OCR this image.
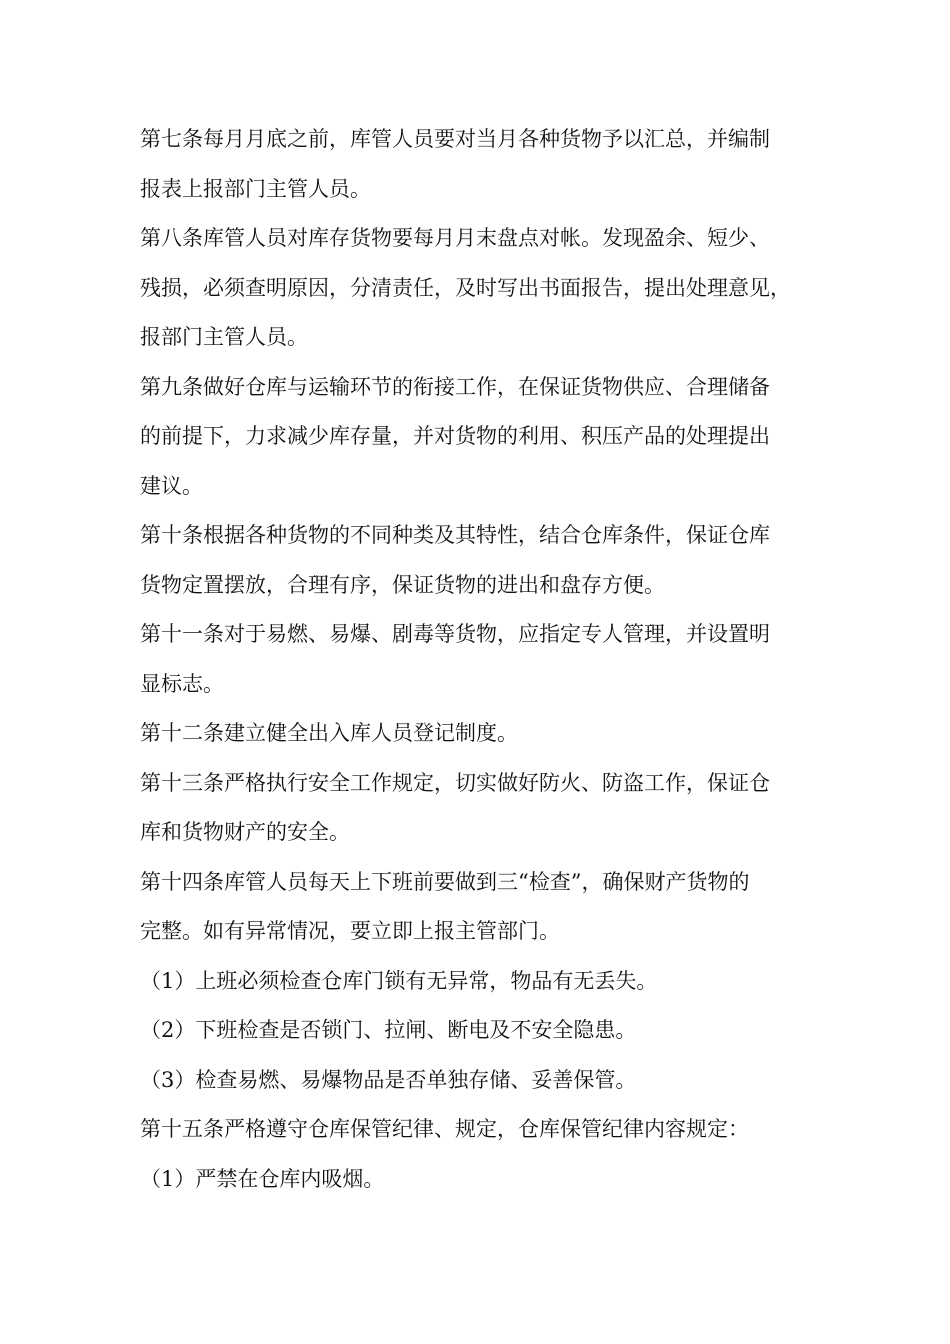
第七条每月月底之前，库管人员要对当月各种货物予以汇总，并编制

报表上报部门主管人员。

第八条库管人员对库存货物要每月月末盘点对帐。发现盈余、短少、

残损，必须查明原因，分清责任，及时写出书面报告，提出处理意见，

报部门主管人员。

第九条做好仓库与运输环节的衔接工作，在保证货物供应、合理储备

的前提下，力求减少库存量，并对货物的利用、积压产品的处理提出

建议。

第十条根据各种货物的不同种类及其特性，结合仓库条件，保证仓库

货物定置摆放，合理有序，保证货物的进出和盘存方便。

第十一条对于易燃、易爆、剧毒等货物，应指定专人管理，并设置明

显标志。

第十二条建立健全出入库人员登记制度。

第十三条严格执行安全工作规定，切实做好防火、防盗工作，保证仓

库和货物财产的安全。

第十四条库管人员每天上下班前要做到三“检查”，确保财产货物的

完整。如有异常情况，要立即上报主管部门。

（1）上班必须检查仓库门锁有无异常，物品有无丢失。

（2）下班检查是否锁门、拉闸、断电及不安全隐患。

（3）检查易燃、易爆物品是否单独存储、妥善保管。

第十五条严格遵守仓库保管纪律、规定，仓库保管纪律内容规定：

（1）严禁在仓库内吸烟。
